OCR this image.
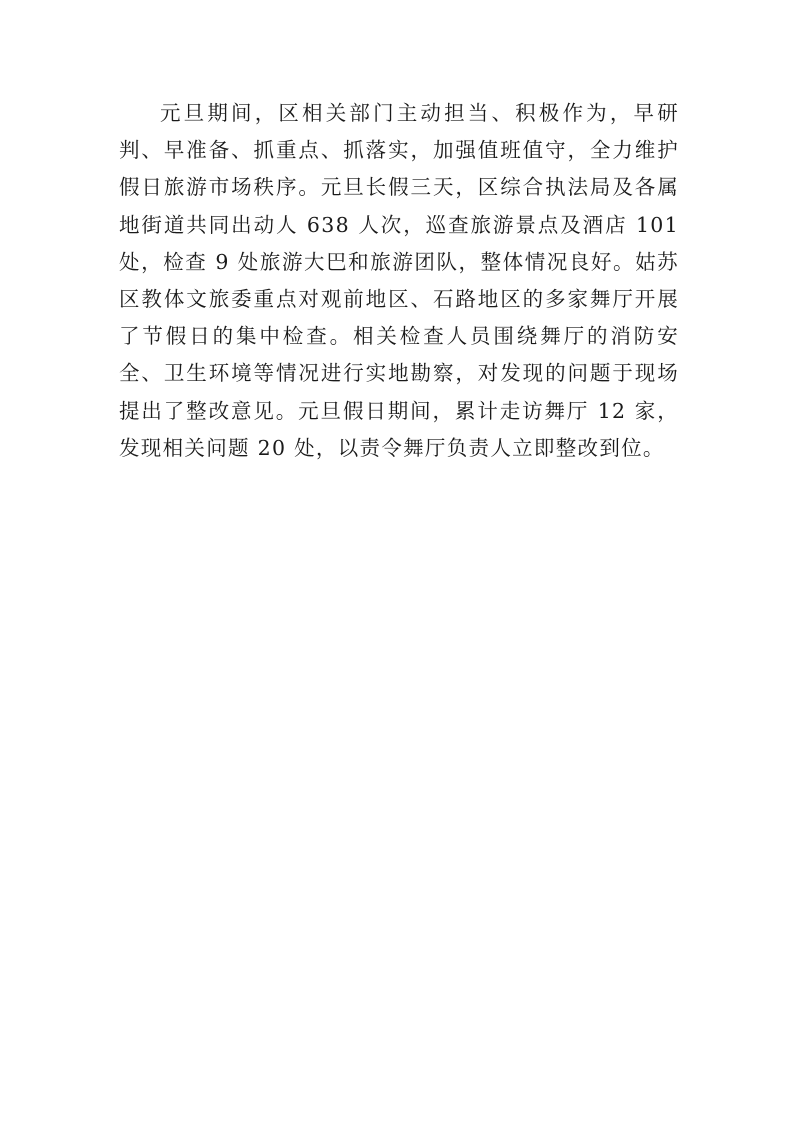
元旦期间，区相关部门主动担当、积极作为，早研判、早准备、抓重点、抓落实，加强值班值守，全力维护假日旅游市场秩序。元旦长假三天，区综合执法局及各属地街道共同出动人 638 人次，巡查旅游景点及酒店 101 处，检查 9 处旅游大巴和旅游团队，整体情况良好。姑苏区教体文旅委重点对观前地区、石路地区的多家舞厅开展了节假日的集中检查。相关检查人员围绕舞厅的消防安全、卫生环境等情况进行实地勘察，对发现的问题于现场提出了整改意见。元旦假日期间，累计走访舞厅 12 家，发现相关问题 20 处，以责令舞厅负责人立即整改到位。
